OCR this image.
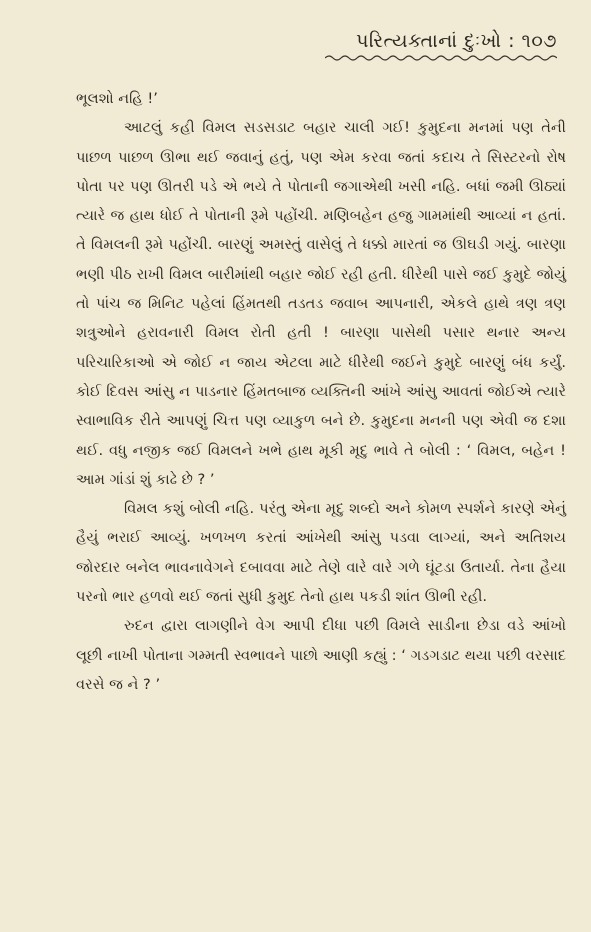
પરિત્યક્તાનાં દુઃખો : ૧૦૭

ભૂલશો નહિ !’

આટલું કહી વિમલ સડસડાટ બહાર ચાલી ગઈ! કુમુદના મનમાં પણ તેની પાછળ પાછળ ઊભા થઈ જવાનું હતું, પણ એમ કરવા જતાં કદાચ તે સિસ્ટરનો રોષ પોતા પર પણ ઊતરી પડે એ ભયે તે પોતાની જગાએથી ખસી નહિ. બધાં જમી ઊઠ્યાં ત્યારે જ હાથ ધોઈ તે પોતાની રૂમે પહોંચી. મણિબહેન હજુ ગામમાંથી આવ્યાં ન હતાં. તે વિમલની રૂમે પહોંચી. બારણું અમસ્તું વાસેલું તે ધક્કો મારતાં જ ઊઘડી ગયું. બારણા ભણી પીઠ રાખી વિમલ બારીમાંથી બહાર જોઈ રહી હતી. ધીરેથી પાસે જઈ કુમુદે જોયું તો પાંચ જ મિનિટ પહેલાં હિંમતથી તડતડ જવાબ આપનારી, એકલે હાથે ત્રણ ત્રણ શત્રુઓને હરાવનારી વિમલ રોતી હતી ! બારણા પાસેથી પસાર થનાર અન્ય પરિચારિકાઓ એ જોઈ ન જાય એટલા માટે ધીરેથી જઈને કુમુદે બારણું બંધ કર્યું. કોઈ દિવસ આંસુ ન પાડનાર હિંમતબાજ વ્યક્તિની આંખે આંસુ આવતાં જોઈએ ત્યારે સ્વાભાવિક રીતે આપણું ચિત્ત પણ વ્યાકુળ બને છે. કુમુદના મનની પણ એવી જ દશા થઈ. વધુ નજીક જઈ વિમલને ખભે હાથ મૂકી મૃદુ ભાવે તે બોલી : ‘ વિમલ, બહેન ! આમ ગાંડાં શું કાઢે છે ? ’

વિમલ કશું બોલી નહિ. પરંતુ એના મૃદુ શબ્દો અને કોમળ સ્પર્શને કારણે એનું હૈયું ભરાઈ આવ્યું. ખળખળ કરતાં આંખેથી આંસુ પડવા લાગ્યાં, અને અતિશય જોરદાર બનેલ ભાવનાવેગને દબાવવા માટે તેણે વારે વારે ગળે ઘૂંટડા ઉતાર્યા. તેના હૈયા પરનો ભાર હળવો થઈ જતાં સુધી કુમુદ તેનો હાથ પકડી શાંત ઊભી રહી.

રુદન દ્વારા લાગણીને વેગ આપી દીધા પછી વિમલે સાડીના છેડા વડે આંખો લૂછી નાખી પોતાના ગમ્મતી સ્વભાવને પાછો આણી કહ્યું : ‘ ગડગડાટ થયા પછી વરસાદ વરસે જ ને ? ’
